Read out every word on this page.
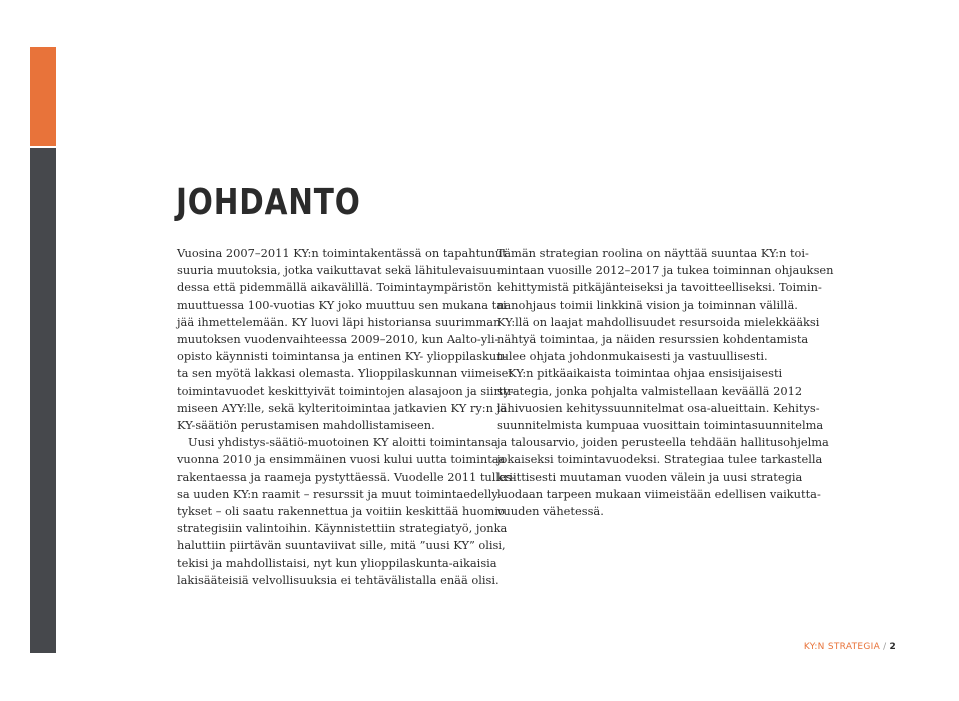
JOHDANTO
Vuosina 2007–2011 KY:n toimintakentässä on tapahtunut
suuria muutoksia, jotka vaikuttavat sekä lähitulevaisuu-
dessa että pidemmällä aikavälillä. Toimintaympäristön
muuttuessa 100-vuotias KY joko muuttuu sen mukana tai
jää ihmettelemään. KY luovi läpi historiansa suurimman
muutoksen vuodenvaihteessa 2009–2010, kun Aalto-yli-
opisto käynnisti toimintansa ja entinen KY- ylioppilaskun-
ta sen myötä lakkasi olemasta. Ylioppilaskunnan viimeiset
toimintavuodet keskittyivät toimintojen alasajoon ja siirty-
miseen AYY:lle, sekä kylteritoimintaa jatkavien KY ry:n ja
KY-säätiön perustamisen mahdollistamiseen.
Uusi yhdistys-säätiö-muotoinen KY aloitti toimintansa
vuonna 2010 ja ensimmäinen vuosi kului uutta toimintaa
rakentaessa ja raameja pystyttäessä. Vuodelle 2011 tulles-
sa uuden KY:n raamit – resurssit ja muut toimintaedelly-
tykset – oli saatu rakennettua ja voitiin keskittää huomio
strategisiin valintoihin. Käynnistettiin strategiatyö, jonka
haluttiin piirtävän suuntaviivat sille, mitä ”uusi KY” olisi,
tekisi ja mahdollistaisi, nyt kun ylioppilaskunta-aikaisia
lakisääteisiä velvollisuuksia ei tehtävälistalla enää olisi.
Tämän strategian roolina on näyttää suuntaa KY:n toi-
mintaan vuosille 2012–2017 ja tukea toiminnan ohjauksen
kehittymistä pitkäjänteiseksi ja tavoitteelliseksi. Toimin-
nanohjaus toimii linkkinä vision ja toiminnan välillä.
KY:llä on laajat mahdollisuudet resursoida mielekkääksi
nähtyä toimintaa, ja näiden resurssien kohdentamista
tulee ohjata johdonmukaisesti ja vastuullisesti.
KY:n pitkäaikaista toimintaa ohjaa ensisijaisesti
strategia, jonka pohjalta valmistellaan keväällä 2012
lähivuosien kehityssuunnitelmat osa-alueittain. Kehitys-
suunnitelmista kumpuaa vuosittain toimintasuunnitelma
ja talousarvio, joiden perusteella tehdään hallitusohjelma
jokaiseksi toimintavuodeksi. Strategiaa tulee tarkastella
kriittisesti muutaman vuoden välein ja uusi strategia
luodaan tarpeen mukaan viimeistään edellisen vaikutta-
vuuden vähetessä.
KY:N STRATEGIA / 2
